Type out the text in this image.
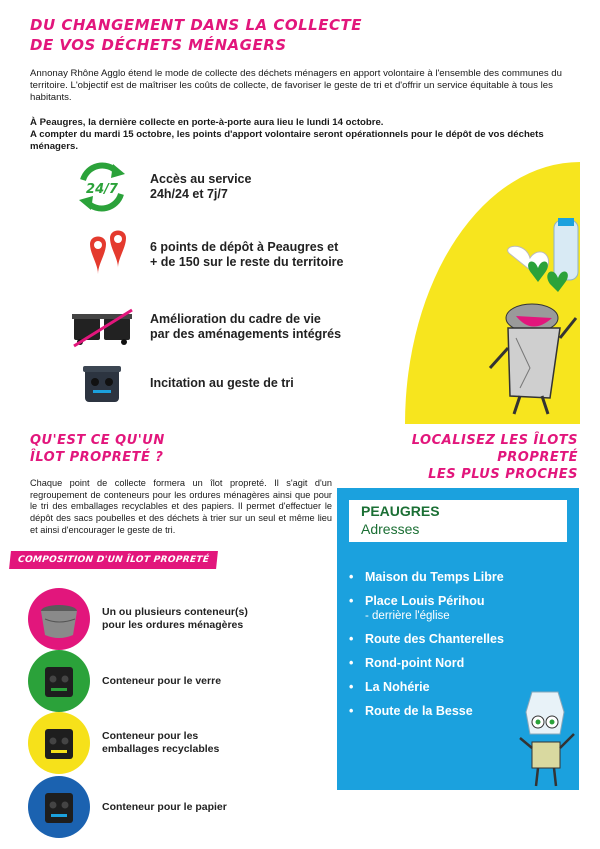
DU CHANGEMENT DANS LA COLLECTE
DE VOS DÉCHETS MÉNAGERS

Annonay Rhône Agglo étend le mode de collecte des déchets ménagers en apport volontaire à l'ensemble des communes du territoire. L'objectif est de maîtriser les coûts de collecte, de favoriser le geste de tri et d'offrir un service équitable à tous les habitants.

À Peaugres, la dernière collecte en porte-à-porte aura lieu le lundi 14 octobre.
A compter du mardi 15 octobre, les points d'apport volontaire seront opérationnels pour le dépôt de vos déchets ménagers.
24/7
Accès au service
24h/24 et 7j/7
6 points de dépôt à Peaugres et
+ de 150 sur le reste du territoire
Amélioration du cadre de vie
par des aménagements intégrés
Incitation au geste de tri
QU'EST CE QU'UN
ÎLOT PROPRETÉ ?

Chaque point de collecte formera un îlot propreté. Il s'agit d'un regroupement de conteneurs pour les ordures ménagères ainsi que pour le tri des emballages recyclables et des papiers. Il permet d'effectuer le dépôt des sacs poubelles et des déchets à trier sur un seul et même lieu et ainsi d'encourager le geste de tri.

COMPOSITION D'UN ÎLOT PROPRETÉ
Un ou plusieurs conteneur(s)
pour les ordures ménagères
Conteneur pour le verre
Conteneur pour les
emballages recyclables
Conteneur pour le papier
LOCALISEZ LES ÎLOTS PROPRETÉ
LES PLUS PROCHES
PEAUGRES
Adresses
• Maison du Temps Libre
• Place Louis Périhou
- derrière l'église
• Route des Chanterelles
• Rond-point Nord
• La Nohérie
• Route de la Besse
